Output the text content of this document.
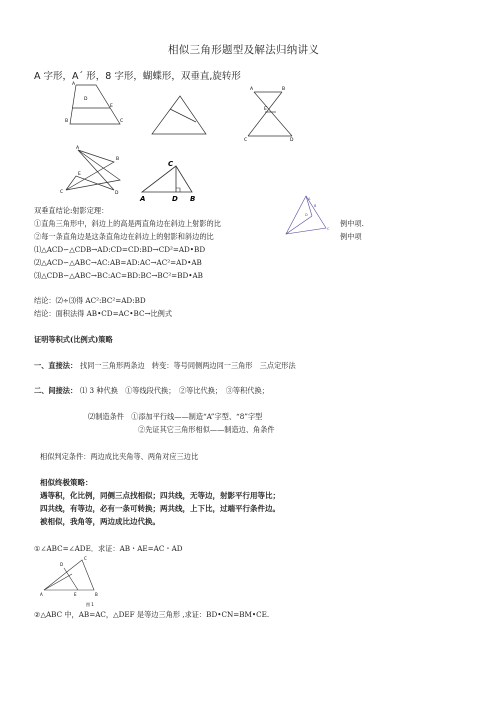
相似三角形题型及解法归纳讲义
A 字形，A´ 形，8 字形，蝴蝶形，双垂直,旋转形
A
D
E
B	C
A	B
E
C	D
A
B
E
C	D
C
A	D B
双垂直结论:射影定理：
①直角三角形中，斜边上的高是两直角边在斜边上射影的比	例中项.
②每一条直角边是这条直角边在斜边上的射影和斜边的比	例中项
A
B
D
C
⑴△ACD∽△CDB→AD:CD=CD:BD→CD²=AD•BD
⑵△ACD∽△ABC→AC:AB=AD:AC→AC²=AD•AB
⑶△CDB∽△ABC→BC:AC=BD:BC→BC²=BD•AB
结论：⑵÷⑶得 AC²:BC²=AD:BD
结论：面积法得 AB•CD=AC•BC→比例式
证明等积式(比例式)策略
一、直接法： 找同一三角形两条边　转变：等号同侧两边同一三角形　三点定形法
二、间接法： ⑴ 3 种代换　①等线段代换；　②等比代换；　③等积代换；
⑵制造条件　①添加平行线——制造“A”字型、“8”字型
②先证其它三角形相似——制造边、角条件
相似判定条件：两边成比夹角等、两角对应三边比
相似终极策略：
遇等积，化比例，同侧三点找相似；四共线，无等边，射影平行用等比；
四共线，有等边，必有一条可转换；两共线，上下比，过端平行条件边。
被相似，我角等，两边成比边代换。
①∠ABC=∠ADE．求证：AB・AE=AC・AD
C
D
A	E	B
图 1
②△ABC 中，AB=AC，△DEF 是等边三角形 ,求证：BD•CN=BM•CE.
